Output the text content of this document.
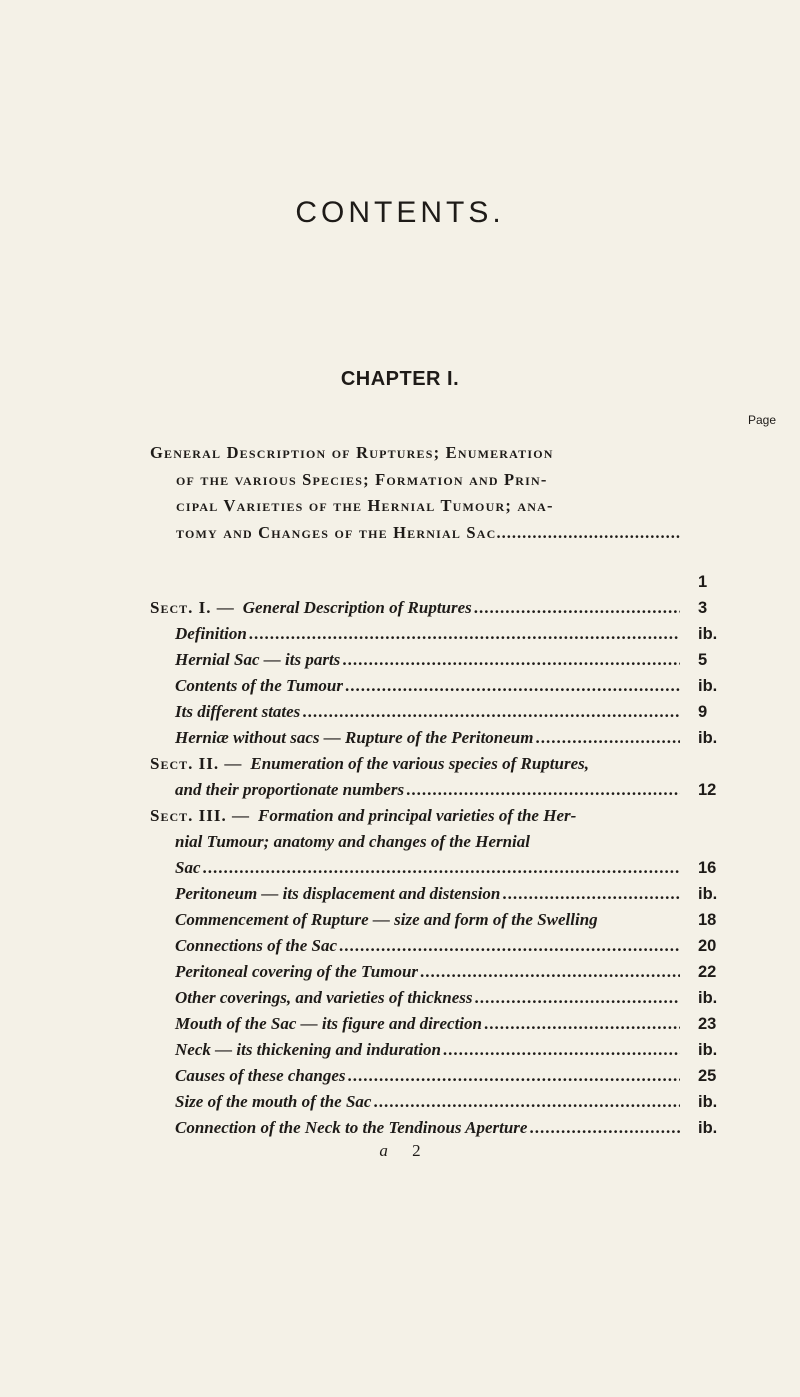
CONTENTS.
CHAPTER I.
Page
General Description of Ruptures; Enumeration
of the various Species; Formation and Prin-
cipal Varieties of the Hernial Tumour; ana-
tomy and Changes of the Hernial Sac
.....
1
Sect. I. — General Description of Ruptures .....	3
Definition .....	ib.
Hernial Sac — its parts .....	5
Contents of the Tumour .....	ib.
Its different states .....	9
Herniæ without sacs — Rupture of the Peritoneum .....	ib.
Sect. II. — Enumeration of the various species of Ruptures,
and their proportionate numbers .....	12
Sect. III. — Formation and principal varieties of the Her-
nial Tumour; anatomy and changes of the Hernial
Sac .....	16
Peritoneum — its displacement and distension .....	ib.
Commencement of Rupture — size and form of the Swelling	18
Connections of the Sac .....	20
Peritoneal covering of the Tumour .....	22
Other coverings, and varieties of thickness .....	ib.
Mouth of the Sac — its figure and direction .....	23
Neck — its thickening and induration .....	ib.
Causes of these changes .....	25
Size of the mouth of the Sac .....	ib.
Connection of the Neck to the Tendinous Aperture .....	ib.
a 2
